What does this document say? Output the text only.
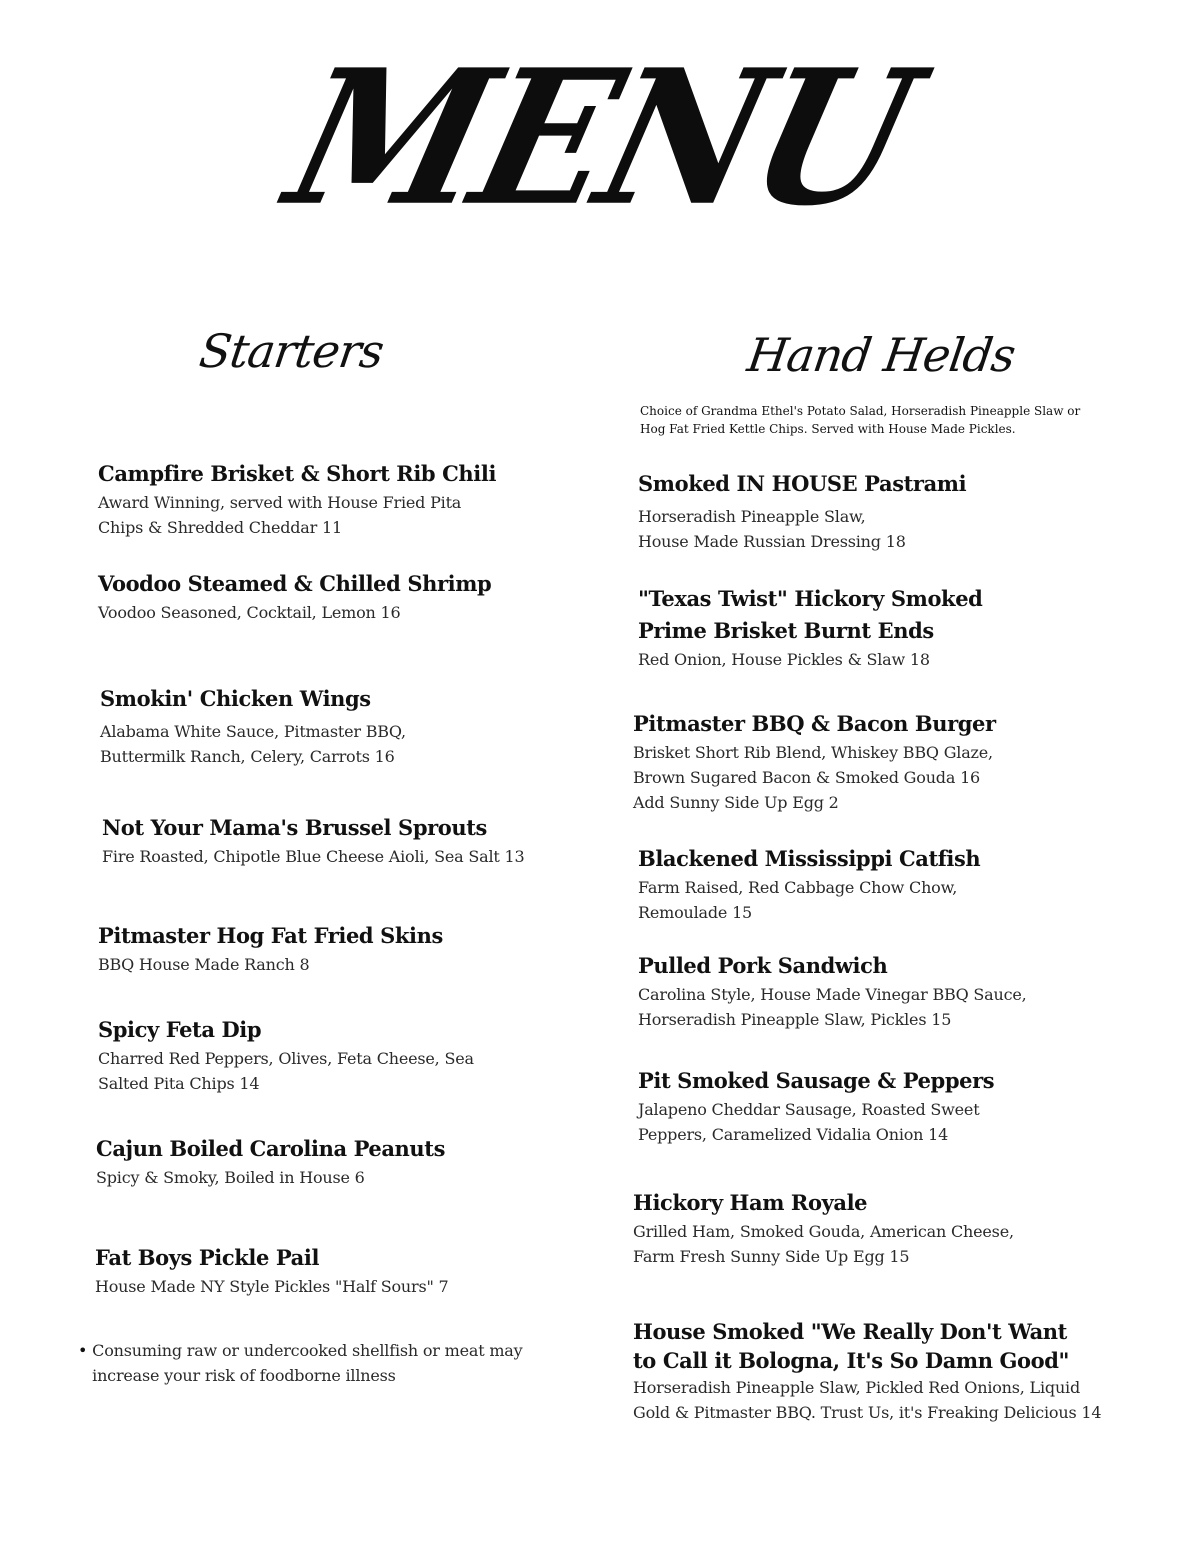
MENU
Starters	Hand Helds
Choice of Grandma Ethel's Potato Salad, Horseradish Pineapple Slaw or Hog Fat Fried Kettle Chips. Served with House Made Pickles.
Campfire Brisket & Short Rib Chili
Award Winning, served with House Fried Pita
Chips & Shredded Cheddar 11
Voodoo Steamed & Chilled Shrimp
Voodoo Seasoned, Cocktail, Lemon 16
Smokin' Chicken Wings
Alabama White Sauce, Pitmaster BBQ,
Buttermilk Ranch, Celery, Carrots 16
Not Your Mama's Brussel Sprouts
Fire Roasted, Chipotle Blue Cheese Aioli, Sea Salt 13
Pitmaster Hog Fat Fried Skins
BBQ House Made Ranch 8
Spicy Feta Dip
Charred Red Peppers, Olives, Feta Cheese, Sea
Salted Pita Chips 14
Cajun Boiled Carolina Peanuts
Spicy & Smoky, Boiled in House 6
Fat Boys Pickle Pail
House Made NY Style Pickles "Half Sours" 7
• Consuming raw or undercooked shellfish or meat may increase your risk of foodborne illness
Smoked IN HOUSE Pastrami
Horseradish Pineapple Slaw,
House Made Russian Dressing 18
"Texas Twist" Hickory Smoked
Prime Brisket Burnt Ends
Red Onion, House Pickles & Slaw 18
Pitmaster BBQ & Bacon Burger
Brisket Short Rib Blend, Whiskey BBQ Glaze,
Brown Sugared Bacon & Smoked Gouda 16
Add Sunny Side Up Egg 2
Blackened Mississippi Catfish
Farm Raised, Red Cabbage Chow Chow,
Remoulade 15
Pulled Pork Sandwich
Carolina Style, House Made Vinegar BBQ Sauce,
Horseradish Pineapple Slaw, Pickles 15
Pit Smoked Sausage & Peppers
Jalapeno Cheddar Sausage, Roasted Sweet
Peppers, Caramelized Vidalia Onion 14
Hickory Ham Royale
Grilled Ham, Smoked Gouda, American Cheese,
Farm Fresh Sunny Side Up Egg 15
House Smoked "We Really Don't Want
to Call it Bologna, It's So Damn Good"
Horseradish Pineapple Slaw, Pickled Red Onions, Liquid
Gold & Pitmaster BBQ. Trust Us, it's Freaking Delicious 14
